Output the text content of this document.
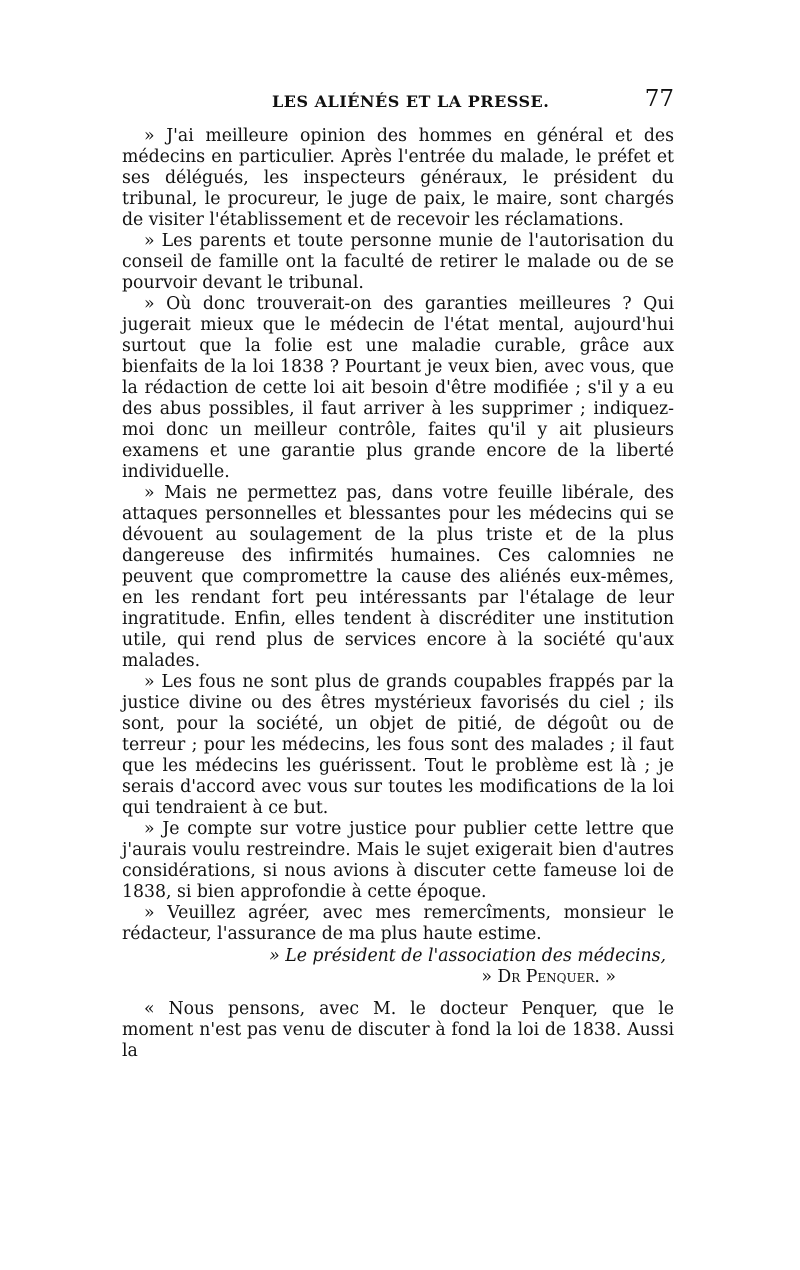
LES ALIÉNÉS ET LA PRESSE.	77

» J'ai meilleure opinion des hommes en général et des médecins en particulier. Après l'entrée du malade, le préfet et ses délégués, les inspecteurs généraux, le président du tribunal, le procureur, le juge de paix, le maire, sont chargés de visiter l'établissement et de recevoir les réclamations.

» Les parents et toute personne munie de l'autorisation du conseil de famille ont la faculté de retirer le malade ou de se pourvoir devant le tribunal.

» Où donc trouverait-on des garanties meilleures ? Qui jugerait mieux que le médecin de l'état mental, aujourd'hui surtout que la folie est une maladie curable, grâce aux bienfaits de la loi 1838 ? Pourtant je veux bien, avec vous, que la rédaction de cette loi ait besoin d'être modifiée ; s'il y a eu des abus possibles, il faut arriver à les supprimer ; indiquez-moi donc un meilleur contrôle, faites qu'il y ait plusieurs examens et une garantie plus grande encore de la liberté individuelle.

» Mais ne permettez pas, dans votre feuille libérale, des attaques personnelles et blessantes pour les médecins qui se dévouent au soulagement de la plus triste et de la plus dangereuse des infirmités humaines. Ces calomnies ne peuvent que compromettre la cause des aliénés eux-mêmes, en les rendant fort peu intéressants par l'étalage de leur ingratitude. Enfin, elles tendent à discréditer une institution utile, qui rend plus de services encore à la société qu'aux malades.

» Les fous ne sont plus de grands coupables frappés par la justice divine ou des êtres mystérieux favorisés du ciel ; ils sont, pour la société, un objet de pitié, de dégoût ou de terreur ; pour les médecins, les fous sont des malades ; il faut que les médecins les guérissent. Tout le problème est là ; je serais d'accord avec vous sur toutes les modifications de la loi qui tendraient à ce but.

» Je compte sur votre justice pour publier cette lettre que j'aurais voulu restreindre. Mais le sujet exigerait bien d'autres considérations, si nous avions à discuter cette fameuse loi de 1838, si bien approfondie à cette époque.

» Veuillez agréer, avec mes remercîments, monsieur le rédacteur, l'assurance de ma plus haute estime.

» Le président de l'association des médecins,

» Dr Penquer. »

« Nous pensons, avec M. le docteur Penquer, que le moment n'est pas venu de discuter à fond la loi de 1838. Aussi la
